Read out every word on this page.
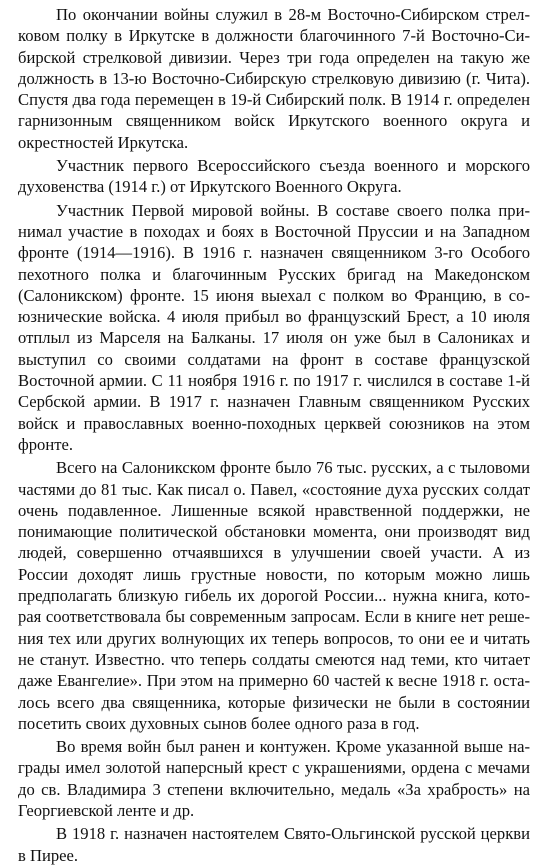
По окончании войны служил в 28-м Восточно-Сибирском стрелковом полку в Иркутске в должности благочинного 7-й Восточно-Сибирской стрелковой дивизии. Через три года определен на такую же должность в 13-ю Восточно-Сибирскую стрелковую дивизию (г. Чита). Спустя два года перемещен в 19-й Сибирский полк. В 1914 г. определен гарнизонным священником войск Иркутского военного округа и окрестностей Иркутска.

Участник первого Всероссийского съезда военного и морского духовенства (1914 г.) от Иркутского Военного Округа.

Участник Первой мировой войны. В составе своего полка принимал участие в походах и боях в Восточной Пруссии и на Западном фронте (1914—1916). В 1916 г. назначен священником 3-го Особого пехотного полка и благочинным Русских бригад на Македонском (Салоникском) фронте. 15 июня выехал с полком во Францию, в союзнические войска. 4 июля прибыл во французский Брест, а 10 июля отплыл из Марселя на Балканы. 17 июля он уже был в Салониках и выступил со своими солдатами на фронт в составе французской Восточной армии. С 11 ноября 1916 г. по 1917 г. числился в составе 1-й Сербской армии. В 1917 г. назначен Главным священником Русских войск и православных военно-походных церквей союзников на этом фронте.

Всего на Салоникском фронте было 76 тыс. русских, а с тыловоми частями до 81 тыс. Как писал о. Павел, «состояние духа русских солдат очень подавленное. Лишенные всякой нравственной поддержки, не понимающие политической обстановки момента, они производят вид людей, совершенно отчаявшихся в улучшении своей участи. А из России доходят лишь грустные новости, по которым можно лишь предполагать близкую гибель их дорогой России... нужна книга, которая соответствовала бы современным запросам. Если в книге нет решения тех или других волнующих их теперь вопросов, то они ее и читать не станут. Известно. что теперь солдаты смеются над теми, кто читает даже Евангелие». При этом на примерно 60 частей к весне 1918 г. осталось всего два священника, которые физически не были в состоянии посетить своих духовных сынов более одного раза в год.

Во время войн был ранен и контужен. Кроме указанной выше награды имел золотой наперсный крест с украшениями, ордена с мечами до св. Владимира 3 степени включительно, медаль «За храбрость» на Георгиевской ленте и др.

В 1918 г. назначен настоятелем Свято-Ольгинской русской церкви в Пирее.
